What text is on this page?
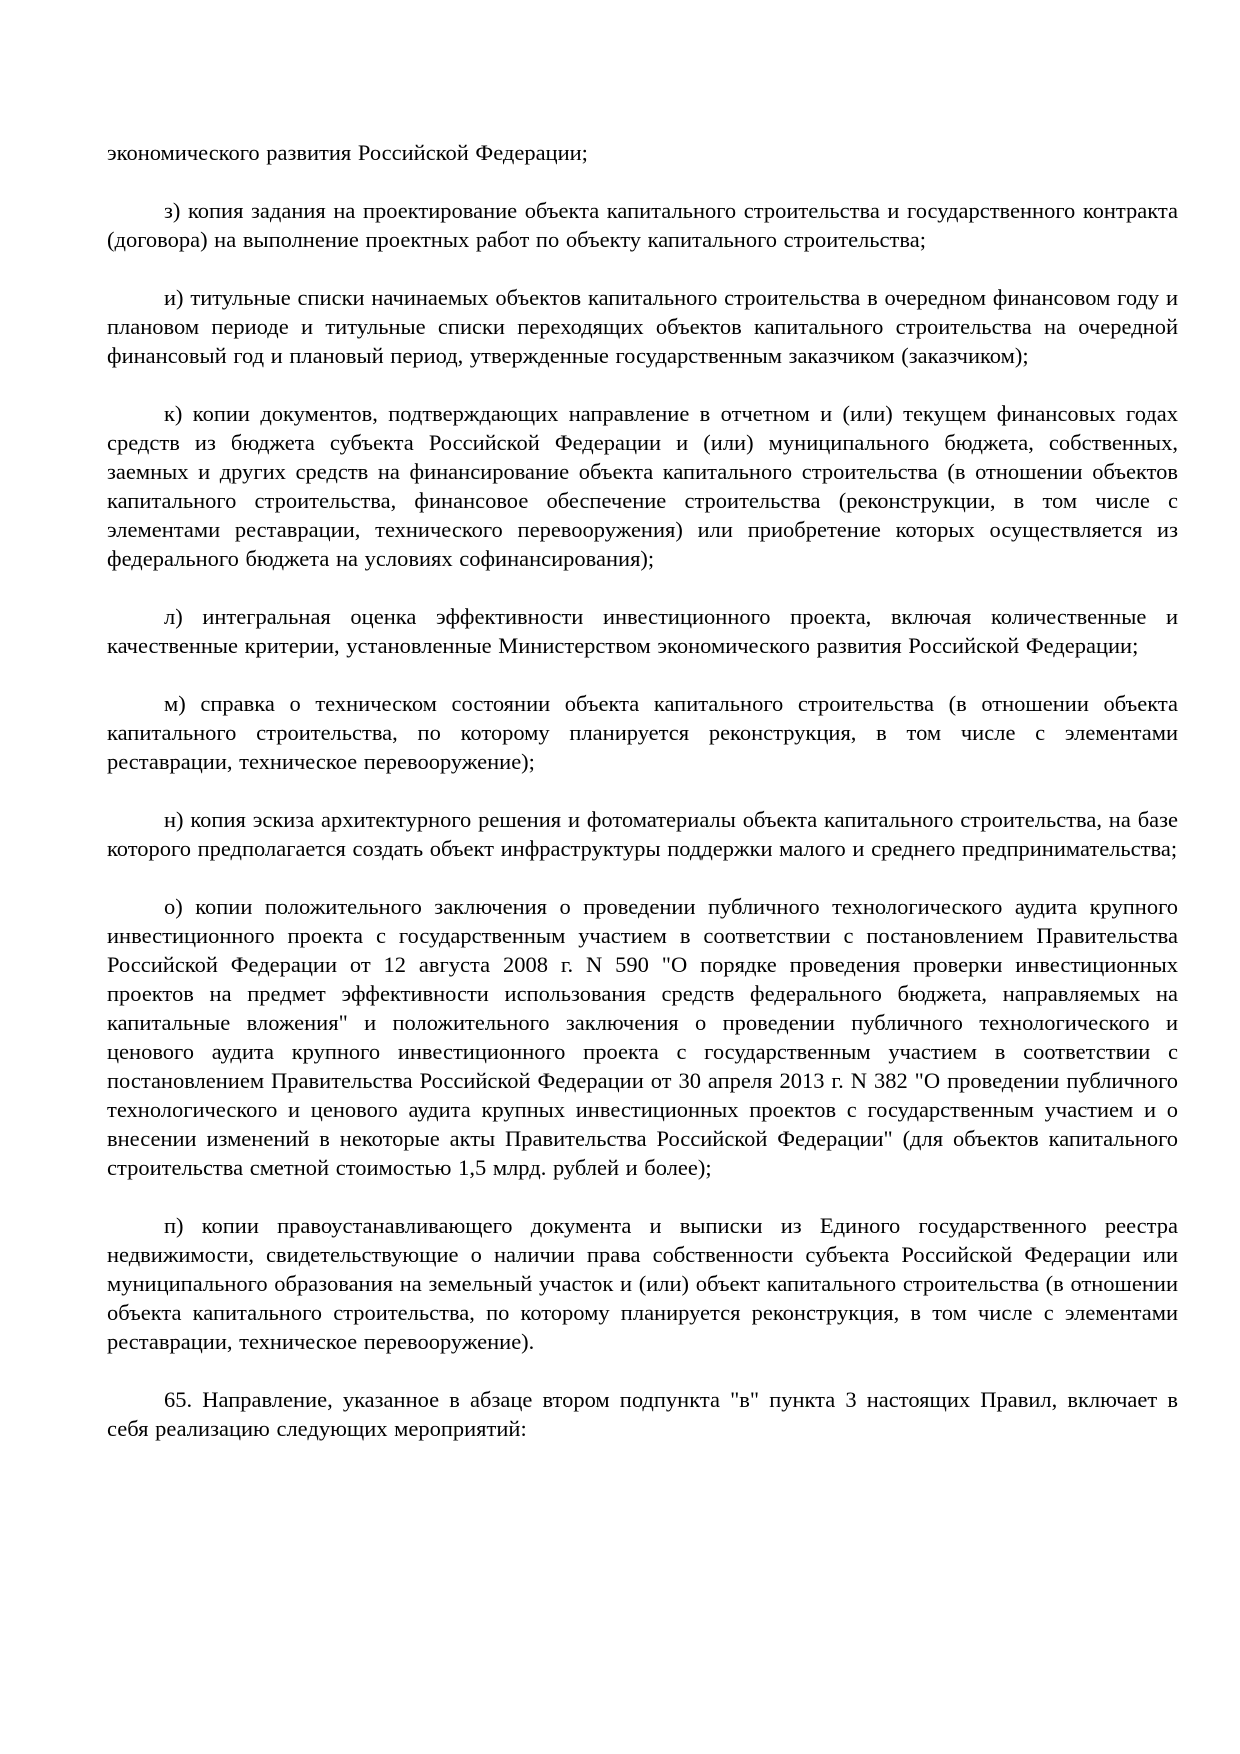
экономического развития Российской Федерации;

з) копия задания на проектирование объекта капитального строительства и государственного контракта (договора) на выполнение проектных работ по объекту капитального строительства;

и) титульные списки начинаемых объектов капитального строительства в очередном финансовом году и плановом периоде и титульные списки переходящих объектов капитального строительства на очередной финансовый год и плановый период, утвержденные государственным заказчиком (заказчиком);

к) копии документов, подтверждающих направление в отчетном и (или) текущем финансовых годах средств из бюджета субъекта Российской Федерации и (или) муниципального бюджета, собственных, заемных и других средств на финансирование объекта капитального строительства (в отношении объектов капитального строительства, финансовое обеспечение строительства (реконструкции, в том числе с элементами реставрации, технического перевооружения) или приобретение которых осуществляется из федерального бюджета на условиях софинансирования);

л) интегральная оценка эффективности инвестиционного проекта, включая количественные и качественные критерии, установленные Министерством экономического развития Российской Федерации;

м) справка о техническом состоянии объекта капитального строительства (в отношении объекта капитального строительства, по которому планируется реконструкция, в том числе с элементами реставрации, техническое перевооружение);

н) копия эскиза архитектурного решения и фотоматериалы объекта капитального строительства, на базе которого предполагается создать объект инфраструктуры поддержки малого и среднего предпринимательства;

о) копии положительного заключения о проведении публичного технологического аудита крупного инвестиционного проекта с государственным участием в соответствии с постановлением Правительства Российской Федерации от 12 августа 2008 г. N 590 "О порядке проведения проверки инвестиционных проектов на предмет эффективности использования средств федерального бюджета, направляемых на капитальные вложения" и положительного заключения о проведении публичного технологического и ценового аудита крупного инвестиционного проекта с государственным участием в соответствии с постановлением Правительства Российской Федерации от 30 апреля 2013 г. N 382 "О проведении публичного технологического и ценового аудита крупных инвестиционных проектов с государственным участием и о внесении изменений в некоторые акты Правительства Российской Федерации" (для объектов капитального строительства сметной стоимостью 1,5 млрд. рублей и более);

п) копии правоустанавливающего документа и выписки из Единого государственного реестра недвижимости, свидетельствующие о наличии права собственности субъекта Российской Федерации или муниципального образования на земельный участок и (или) объект капитального строительства (в отношении объекта капитального строительства, по которому планируется реконструкция, в том числе с элементами реставрации, техническое перевооружение).

65. Направление, указанное в абзаце втором подпункта "в" пункта 3 настоящих Правил, включает в себя реализацию следующих мероприятий:
